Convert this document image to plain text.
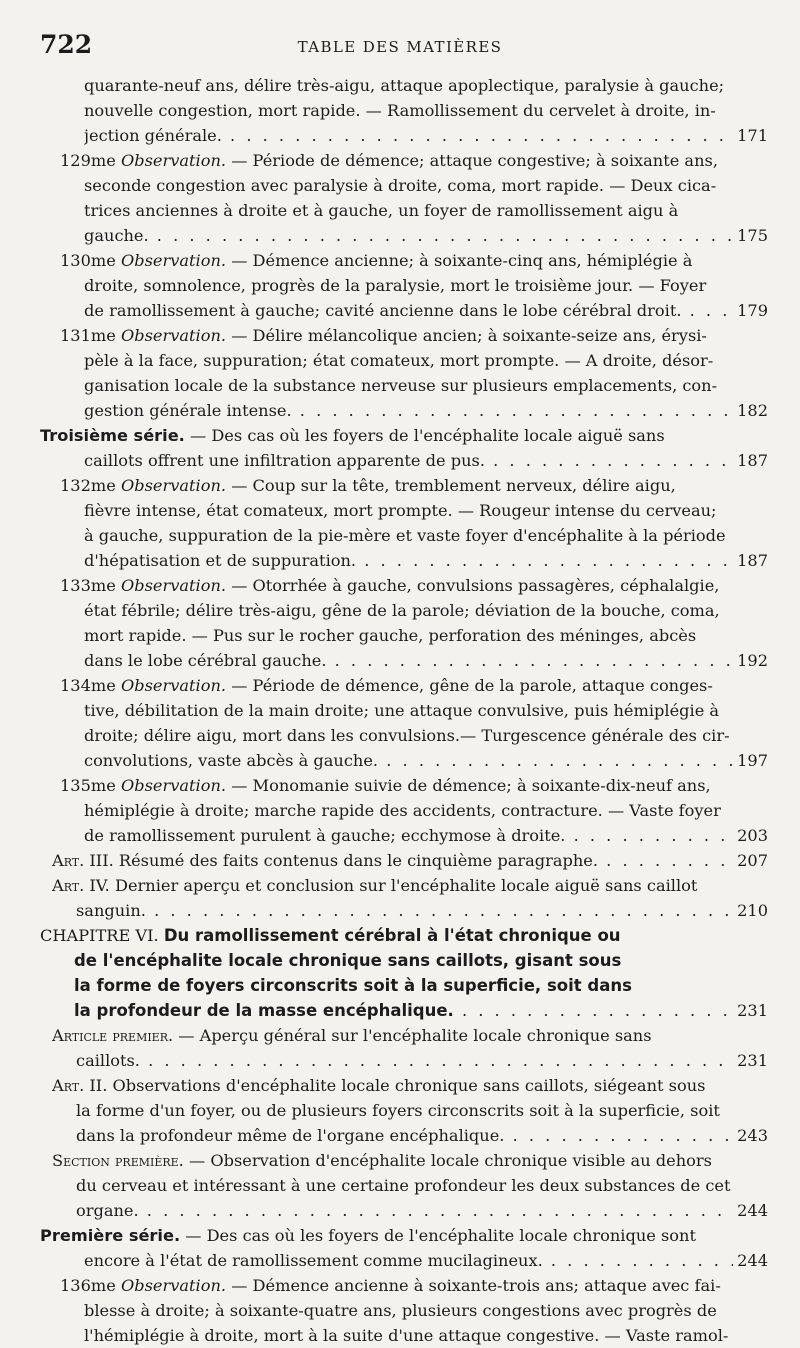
722	TABLE DES MATIÈRES
quarante-neuf ans, délire très-aigu, attaque apoplectique, paralysie à gauche;
nouvelle congestion, mort rapide. — Ramollissement du cervelet à droite, in-
jection générale. . . .	171
129me Observation. — Période de démence; attaque congestive; à soixante ans,
seconde congestion avec paralysie à droite, coma, mort rapide. — Deux cica-
trices anciennes à droite et à gauche, un foyer de ramollissement aigu à
gauche. . . .	175
130me Observation. — Démence ancienne; à soixante-cinq ans, hémiplégie à
droite, somnolence, progrès de la paralysie, mort le troisième jour. — Foyer
de ramollissement à gauche; cavité ancienne dans le lobe cérébral droit. . . .	179
131me Observation. — Délire mélancolique ancien; à soixante-seize ans, érysi-
pèle à la face, suppuration; état comateux, mort prompte. — A droite, désor-
ganisation locale de la substance nerveuse sur plusieurs emplacements, con-
gestion générale intense. . . .	182
Troisième série. — Des cas où les foyers de l'encéphalite locale aiguë sans
caillots offrent une infiltration apparente de pus. . . .	187
132me Observation. — Coup sur la tête, tremblement nerveux, délire aigu,
fièvre intense, état comateux, mort prompte. — Rougeur intense du cerveau;
à gauche, suppuration de la pie-mère et vaste foyer d'encéphalite à la période
d'hépatisation et de suppuration. . . .	187
133me Observation. — Otorrhée à gauche, convulsions passagères, céphalalgie,
état fébrile; délire très-aigu, gêne de la parole; déviation de la bouche, coma,
mort rapide. — Pus sur le rocher gauche, perforation des méninges, abcès
dans le lobe cérébral gauche. . . .	192
134me Observation. — Période de démence, gêne de la parole, attaque conges-
tive, débilitation de la main droite; une attaque convulsive, puis hémiplégie à
droite; délire aigu, mort dans les convulsions.— Turgescence générale des cir-
convolutions, vaste abcès à gauche. . . .	197
135me Observation. — Monomanie suivie de démence; à soixante-dix-neuf ans,
hémiplégie à droite; marche rapide des accidents, contracture. — Vaste foyer
de ramollissement purulent à gauche; ecchymose à droite. . . .	203
Art. III. Résumé des faits contenus dans le cinquième paragraphe. . . .	207
Art. IV. Dernier aperçu et conclusion sur l'encéphalite locale aiguë sans caillot
sanguin. . . .	210
CHAPITRE VI. Du ramollissement cérébral à l'état chronique ou
de l'encéphalite locale chronique sans caillots, gisant sous
la forme de foyers circonscrits soit à la superficie, soit dans
la profondeur de la masse encéphalique. . . .	231
Article premier. — Aperçu général sur l'encéphalite locale chronique sans
caillots. . . .	231
Art. II. Observations d'encéphalite locale chronique sans caillots, siégeant sous
la forme d'un foyer, ou de plusieurs foyers circonscrits soit à la superficie, soit
dans la profondeur même de l'organe encéphalique. . . .	243
Section première. — Observation d'encéphalite locale chronique visible au dehors
du cerveau et intéressant à une certaine profondeur les deux substances de cet
organe. . . .	244
Première série. — Des cas où les foyers de l'encéphalite locale chronique sont
encore à l'état de ramollissement comme mucilagineux. . . .	244
136me Observation. — Démence ancienne à soixante-trois ans; attaque avec fai-
blesse à droite; à soixante-quatre ans, plusieurs congestions avec progrès de
l'hémiplégie à droite, mort à la suite d'une attaque congestive. — Vaste ramol-
